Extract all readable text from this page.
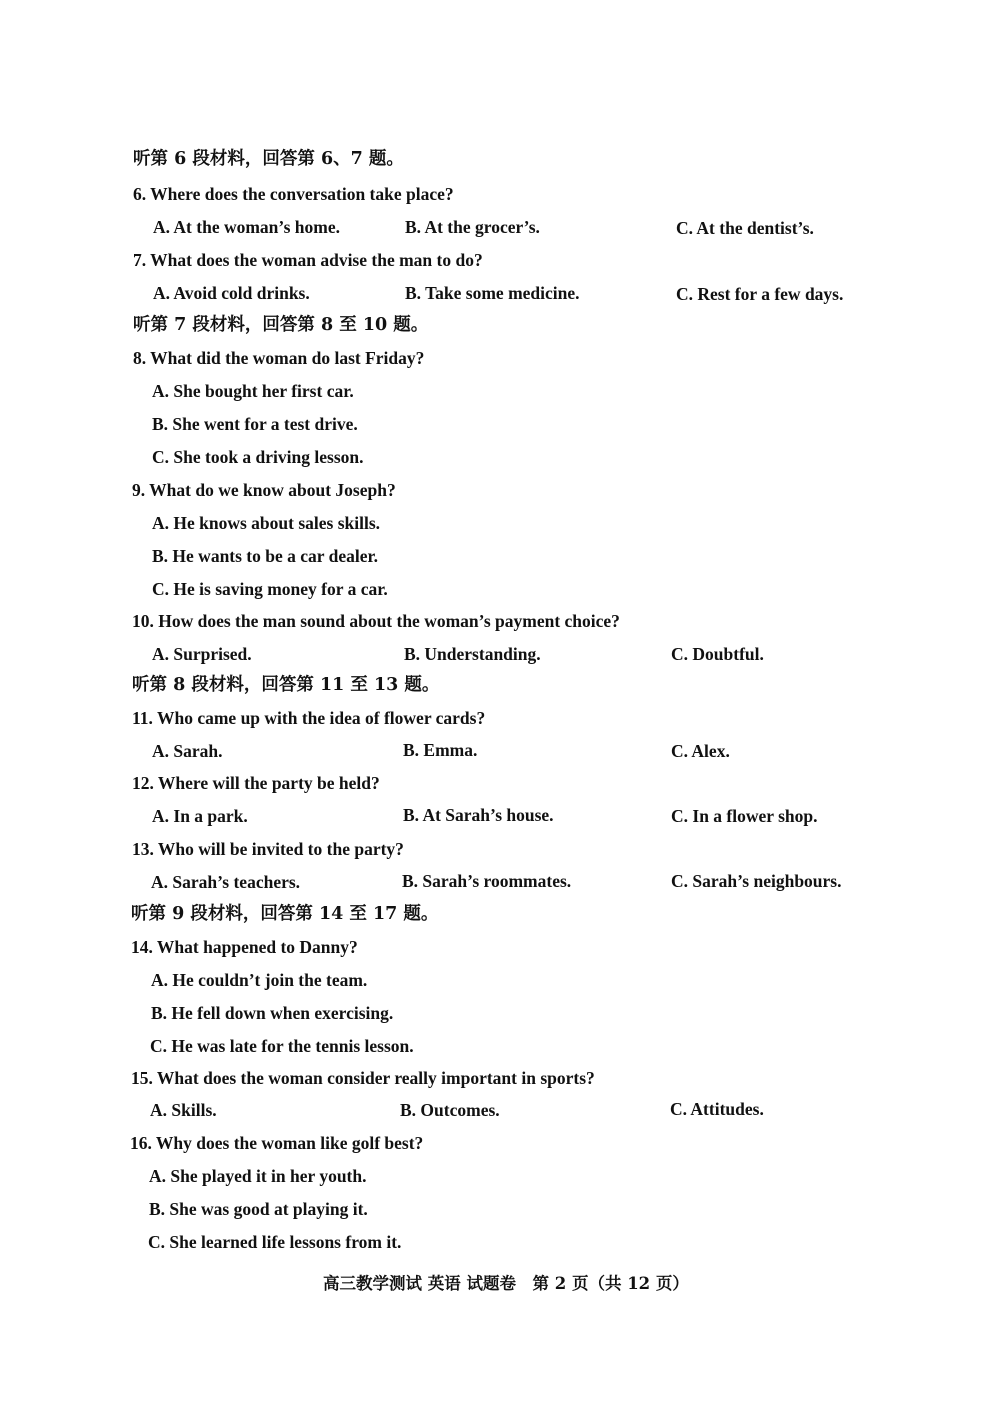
听第 6 段材料，回答第 6、7 题。
6. Where does the conversation take place?
A. At the woman’s home.	B. At the grocer’s.	C. At the dentist’s.
7. What does the woman advise the man to do?
A. Avoid cold drinks.	B. Take some medicine.	C. Rest for a few days.
听第 7 段材料，回答第 8 至 10 题。
8. What did the woman do last Friday?
A. She bought her first car.
B. She went for a test drive.
C. She took a driving lesson.
9. What do we know about Joseph?
A. He knows about sales skills.
B. He wants to be a car dealer.
C. He is saving money for a car.
10. How does the man sound about the woman’s payment choice?
A. Surprised.	B. Understanding.	C. Doubtful.
听第 8 段材料，回答第 11 至 13 题。
11. Who came up with the idea of flower cards?
A. Sarah.	B. Emma.	C. Alex.
12. Where will the party be held?
A. In a park.	B. At Sarah’s house.	C. In a flower shop.
13. Who will be invited to the party?
A. Sarah’s teachers.	B. Sarah’s roommates.	C. Sarah’s neighbours.
听第 9 段材料，回答第 14 至 17 题。
14. What happened to Danny?
A. He couldn’t join the team.
B. He fell down when exercising.
C. He was late for the tennis lesson.
15. What does the woman consider really important in sports?
A. Skills.	B. Outcomes.	C. Attitudes.
16. Why does the woman like golf best?
A. She played it in her youth.
B. She was good at playing it.
C. She learned life lessons from it.
高三教学测试 英语 试题卷　第 2 页（共 12 页）
